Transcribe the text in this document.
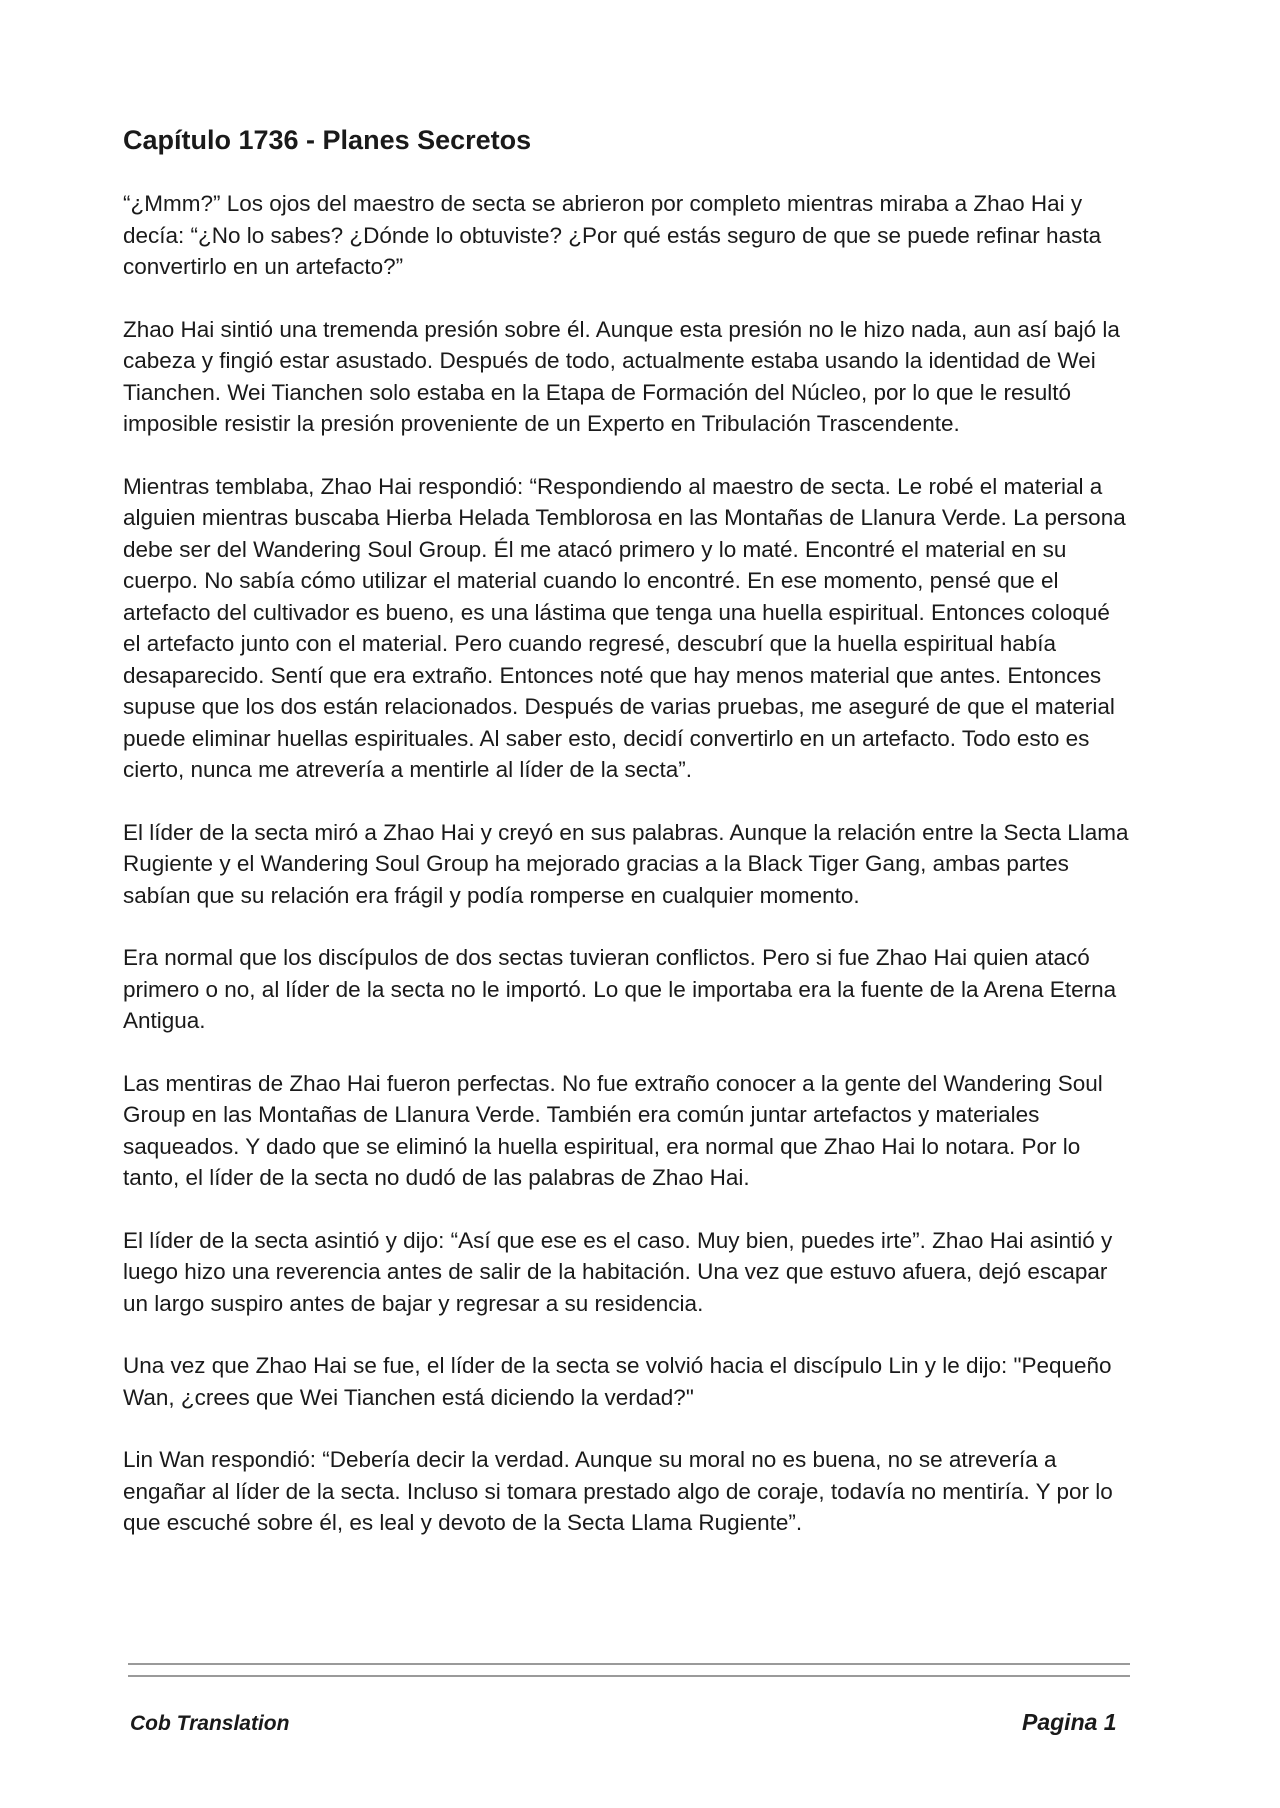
Capítulo 1736 - Planes Secretos

“¿Mmm?” Los ojos del maestro de secta se abrieron por completo mientras miraba a Zhao Hai y decía: “¿No lo sabes? ¿Dónde lo obtuviste? ¿Por qué estás seguro de que se puede refinar hasta convertirlo en un artefacto?”

Zhao Hai sintió una tremenda presión sobre él. Aunque esta presión no le hizo nada, aun así bajó la cabeza y fingió estar asustado. Después de todo, actualmente estaba usando la identidad de Wei Tianchen. Wei Tianchen solo estaba en la Etapa de Formación del Núcleo, por lo que le resultó imposible resistir la presión proveniente de un Experto en Tribulación Trascendente.

Mientras temblaba, Zhao Hai respondió: “Respondiendo al maestro de secta. Le robé el material a alguien mientras buscaba Hierba Helada Temblorosa en las Montañas de Llanura Verde. La persona debe ser del Wandering Soul Group. Él me atacó primero y lo maté. Encontré el material en su cuerpo. No sabía cómo utilizar el material cuando lo encontré. En ese momento, pensé que el artefacto del cultivador es bueno, es una lástima que tenga una huella espiritual. Entonces coloqué el artefacto junto con el material. Pero cuando regresé, descubrí que la huella espiritual había desaparecido. Sentí que era extraño. Entonces noté que hay menos material que antes. Entonces supuse que los dos están relacionados. Después de varias pruebas, me aseguré de que el material puede eliminar huellas espirituales. Al saber esto, decidí convertirlo en un artefacto. Todo esto es cierto, nunca me atrevería a mentirle al líder de la secta”.

El líder de la secta miró a Zhao Hai y creyó en sus palabras. Aunque la relación entre la Secta Llama Rugiente y el Wandering Soul Group ha mejorado gracias a la Black Tiger Gang, ambas partes sabían que su relación era frágil y podía romperse en cualquier momento.

Era normal que los discípulos de dos sectas tuvieran conflictos. Pero si fue Zhao Hai quien atacó primero o no, al líder de la secta no le importó. Lo que le importaba era la fuente de la Arena Eterna Antigua.

Las mentiras de Zhao Hai fueron perfectas. No fue extraño conocer a la gente del Wandering Soul Group en las Montañas de Llanura Verde. También era común juntar artefactos y materiales saqueados. Y dado que se eliminó la huella espiritual, era normal que Zhao Hai lo notara. Por lo tanto, el líder de la secta no dudó de las palabras de Zhao Hai.

El líder de la secta asintió y dijo: “Así que ese es el caso. Muy bien, puedes irte”. Zhao Hai asintió y luego hizo una reverencia antes de salir de la habitación. Una vez que estuvo afuera, dejó escapar un largo suspiro antes de bajar y regresar a su residencia.

Una vez que Zhao Hai se fue, el líder de la secta se volvió hacia el discípulo Lin y le dijo: "Pequeño Wan, ¿crees que Wei Tianchen está diciendo la verdad?"

Lin Wan respondió: “Debería decir la verdad. Aunque su moral no es buena, no se atrevería a engañar al líder de la secta. Incluso si tomara prestado algo de coraje, todavía no mentiría. Y por lo que escuché sobre él, es leal y devoto de la Secta Llama Rugiente”.

Cob Translation	Pagina 1
